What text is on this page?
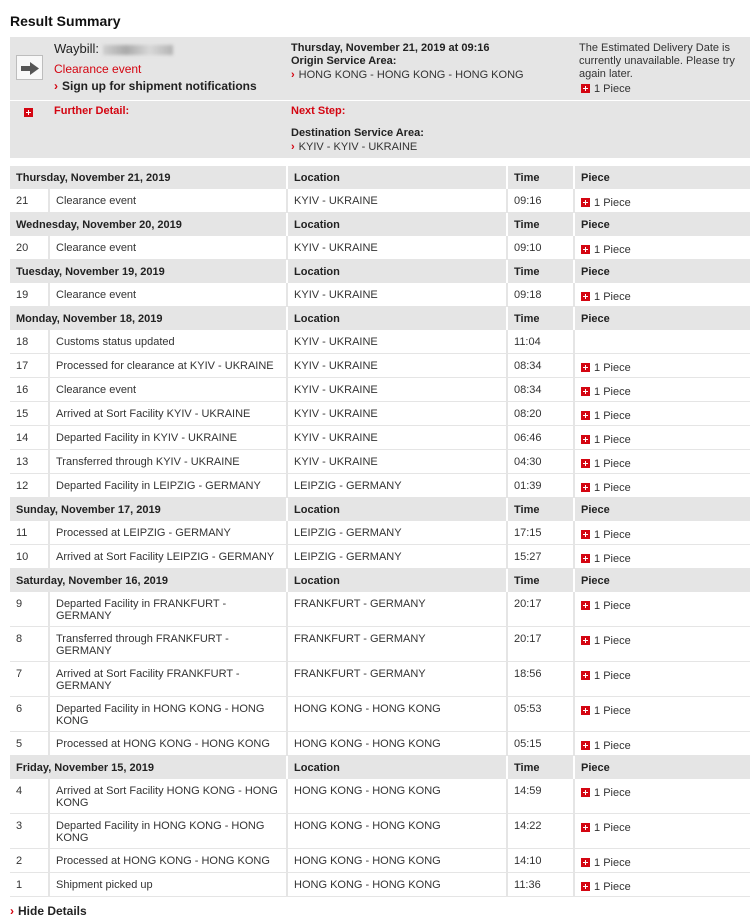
Result Summary
Waybill:
Clearance event
› Sign up for shipment notifications
Thursday, November 21, 2019 at 09:16
Origin Service Area:
› HONG KONG - HONG KONG - HONG KONG
The Estimated Delivery Date is currently unavailable. Please try again later.
1 Piece
Further Detail:	Next Step:
Destination Service Area:
› KYIV - KYIV - UKRAINE
Thursday, November 21, 2019		Location	Time	Piece
21	Clearance event	KYIV - UKRAINE	09:16	1 Piece
Wednesday, November 20, 2019		Location	Time	Piece
20	Clearance event	KYIV - UKRAINE	09:10	1 Piece
Tuesday, November 19, 2019		Location	Time	Piece
19	Clearance event	KYIV - UKRAINE	09:18	1 Piece
Monday, November 18, 2019		Location	Time	Piece
18	Customs status updated	KYIV - UKRAINE	11:04	
17	Processed for clearance at KYIV - UKRAINE	KYIV - UKRAINE	08:34	1 Piece
16	Clearance event	KYIV - UKRAINE	08:34	1 Piece
15	Arrived at Sort Facility KYIV - UKRAINE	KYIV - UKRAINE	08:20	1 Piece
14	Departed Facility in KYIV - UKRAINE	KYIV - UKRAINE	06:46	1 Piece
13	Transferred through KYIV - UKRAINE	KYIV - UKRAINE	04:30	1 Piece
12	Departed Facility in LEIPZIG - GERMANY	LEIPZIG - GERMANY	01:39	1 Piece
Sunday, November 17, 2019		Location	Time	Piece
11	Processed at LEIPZIG - GERMANY	LEIPZIG - GERMANY	17:15	1 Piece
10	Arrived at Sort Facility LEIPZIG - GERMANY	LEIPZIG - GERMANY	15:27	1 Piece
Saturday, November 16, 2019		Location	Time	Piece
9	Departed Facility in FRANKFURT - GERMANY	FRANKFURT - GERMANY	20:17	1 Piece
8	Transferred through FRANKFURT - GERMANY	FRANKFURT - GERMANY	20:17	1 Piece
7	Arrived at Sort Facility FRANKFURT - GERMANY	FRANKFURT - GERMANY	18:56	1 Piece
6	Departed Facility in HONG KONG - HONG KONG	HONG KONG - HONG KONG	05:53	1 Piece
5	Processed at HONG KONG - HONG KONG	HONG KONG - HONG KONG	05:15	1 Piece
Friday, November 15, 2019		Location	Time	Piece
4	Arrived at Sort Facility HONG KONG - HONG KONG	HONG KONG - HONG KONG	14:59	1 Piece
3	Departed Facility in HONG KONG - HONG KONG	HONG KONG - HONG KONG	14:22	1 Piece
2	Processed at HONG KONG - HONG KONG	HONG KONG - HONG KONG	14:10	1 Piece
1	Shipment picked up	HONG KONG - HONG KONG	11:36	1 Piece
› Hide Details
